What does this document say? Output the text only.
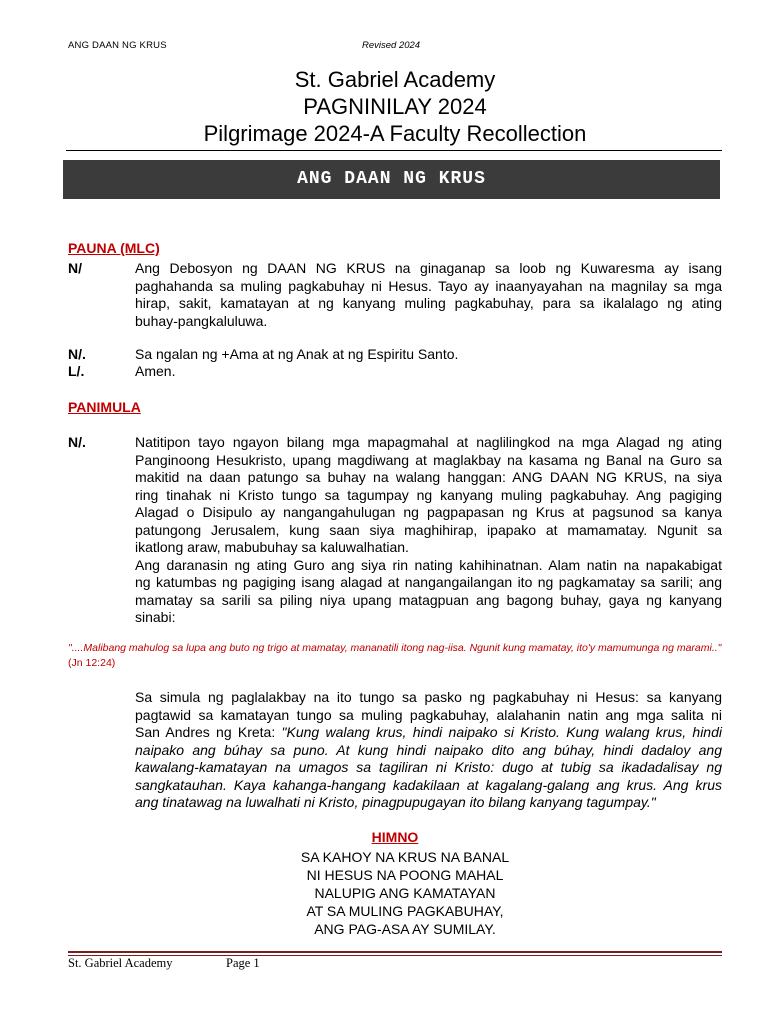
ANG DAAN NG KRUS	Revised 2024
St. Gabriel Academy
PAGNINILAY 2024
Pilgrimage 2024-A Faculty Recollection
ANG DAAN NG KRUS
PAUNA (MLC)
N/	Ang Debosyon ng DAAN NG KRUS na ginaganap sa loob ng Kuwaresma ay isang
paghahanda sa muling pagkabuhay ni Hesus. Tayo ay inaanyayahan na magnilay sa mga
hirap, sakit, kamatayan at ng kanyang muling pagkabuhay, para sa ikalalago ng ating
buhay-pangkaluluwa.
N/.	Sa ngalan ng +Ama at ng Anak at ng Espiritu Santo.
L/.	Amen.
PANIMULA
N/.	Natitipon tayo ngayon bilang mga mapagmahal at naglilingkod na mga Alagad ng ating
Panginoong Hesukristo, upang magdiwang at maglakbay na kasama ng Banal na Guro sa
makitid na daan patungo sa buhay na walang hanggan: ANG DAAN NG KRUS, na siya
ring tinahak ni Kristo tungo sa tagumpay ng kanyang muling pagkabuhay. Ang pagiging
Alagad o Disipulo ay nangangahulugan ng pagpapasan ng Krus at pagsunod sa kanya
patungong Jerusalem, kung saan siya maghihirap, ipapako at mamamatay. Ngunit sa
ikatlong araw, mabubuhay sa kaluwalhatian.
Ang daranasin ng ating Guro ang siya rin nating kahihinatnan. Alam natin na napakabigat
ng katumbas ng pagiging isang alagad at nangangailangan ito ng pagkamatay sa sarili; ang
mamatay sa sarili sa piling niya upang matagpuan ang bagong buhay, gaya ng kanyang
sinabi:
"....Malibang mahulog sa lupa ang buto ng trigo at mamatay, mananatili itong nag-iisa. Ngunit kung mamatay, ito'y mamumunga ng marami.."(Jn 12:24)
Sa simula ng paglalakbay na ito tungo sa pasko ng pagkabuhay ni Hesus: sa kanyang
pagtawid sa kamatayan tungo sa muling pagkabuhay, alalahanin natin ang mga salita ni
San Andres ng Kreta: "Kung walang krus, hindi naipako si Kristo. Kung walang krus, hindi
naipako ang búhay sa puno. At kung hindi naipako dito ang búhay, hindi dadaloy ang
kawalang-kamatayan na umagos sa tagiliran ni Kristo: dugo at tubig sa ikadadalisay ng
sangkatauhan. Kaya kahanga-hangang kadakilaan at kagalang-galang ang krus. Ang krus
ang tinatawag na luwalhati ni Kristo, pinagpupugayan ito bilang kanyang tagumpay."
HIMNO
SA KAHOY NA KRUS NA BANAL
NI HESUS NA POONG MAHAL
NALUPIG ANG KAMATAYAN
AT SA MULING PAGKABUHAY,
ANG PAG-ASA AY SUMILAY.
St. Gabriel Academy	Page 1
